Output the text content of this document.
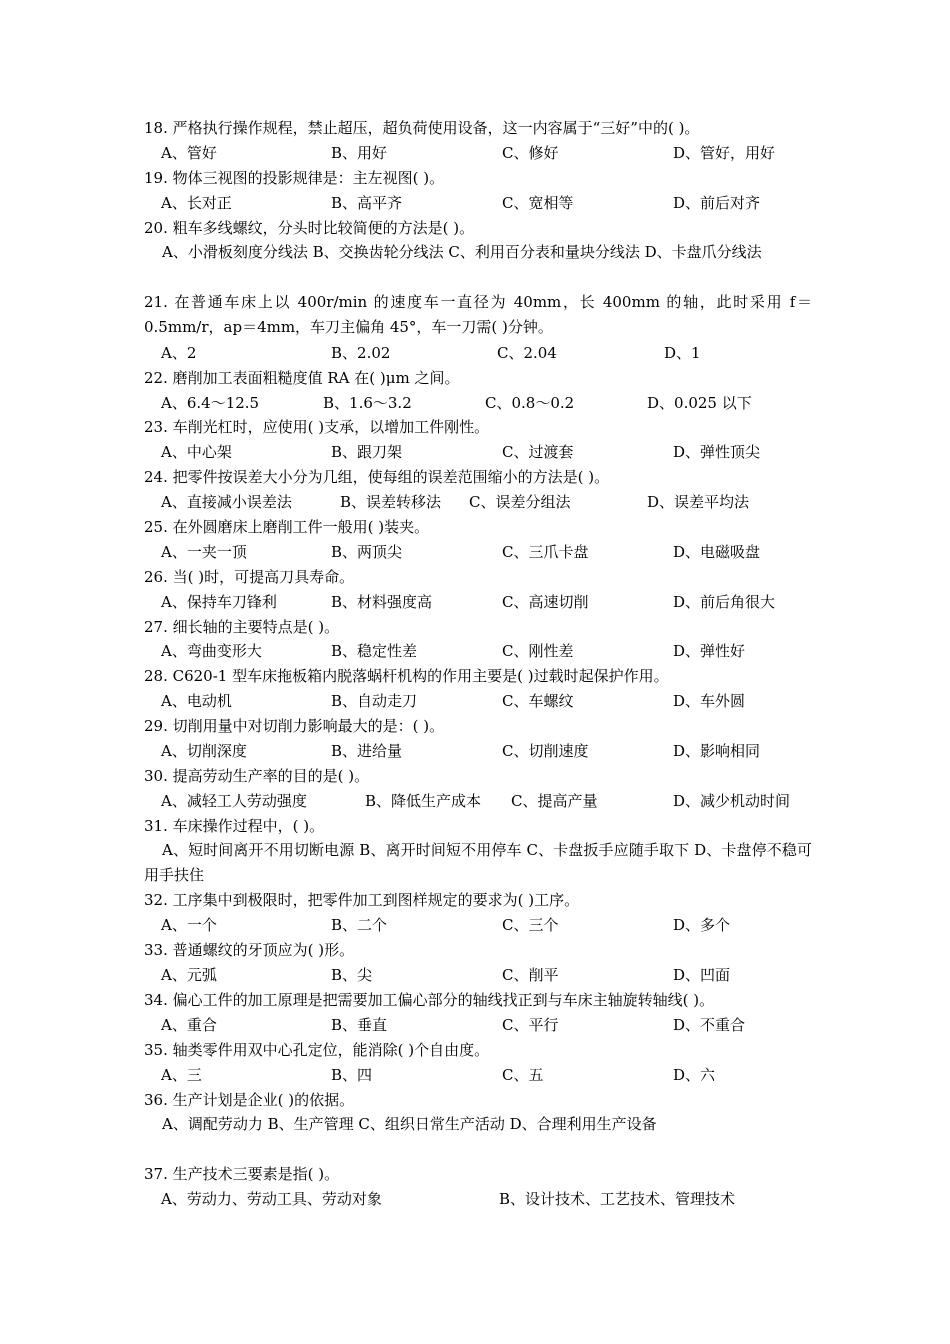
18. 严格执行操作规程，禁止超压，超负荷使用设备，这一内容属于“三好”中的( )。
A、管好	B、用好	C、修好	D、管好，用好
19. 物体三视图的投影规律是：主左视图( )。
A、长对正	B、高平齐	C、宽相等	D、前后对齐
20. 粗车多线螺纹，分头时比较简便的方法是( )。
A、小滑板刻度分线法 B、交换齿轮分线法 C、利用百分表和量块分线法 D、卡盘爪分线法
21. 在普通车床上以 400r/min 的速度车一直径为 40mm，长 400mm 的轴，此时采用 f＝0.5mm/r，ap＝4mm，车刀主偏角 45°，车一刀需( )分钟。
A、2	B、2.02	C、2.04	D、1
22. 磨削加工表面粗糙度值 RA 在( )μm 之间。
A、6.4～12.5	B、1.6～3.2	C、0.8～0.2	D、0.025 以下
23. 车削光杠时，应使用( )支承，以增加工件刚性。
A、中心架	B、跟刀架	C、过渡套	D、弹性顶尖
24. 把零件按误差大小分为几组，使每组的误差范围缩小的方法是( )。
A、直接减小误差法	B、误差转移法 C、误差分组法	D、误差平均法
25. 在外圆磨床上磨削工件一般用( )装夹。
A、一夹一顶	B、两顶尖	C、三爪卡盘	D、电磁吸盘
26. 当( )时，可提高刀具寿命。
A、保持车刀锋利	B、材料强度高	C、高速切削	D、前后角很大
27. 细长轴的主要特点是( )。
A、弯曲变形大	B、稳定性差	C、刚性差	D、弹性好
28. C620-1 型车床拖板箱内脱落蜗杆机构的作用主要是( )过载时起保护作用。
A、电动机	B、自动走刀	C、车螺纹	D、车外圆
29. 切削用量中对切削力影响最大的是：( )。
A、切削深度	B、进给量	C、切削速度	D、影响相同
30. 提高劳动生产率的目的是( )。
A、减轻工人劳动强度	B、降低生产成本 C、提高产量	D、减少机动时间
31. 车床操作过程中，( )。
A、短时间离开不用切断电源 B、离开时间短不用停车 C、卡盘扳手应随手取下 D、卡盘停不稳可用手扶住
32. 工序集中到极限时，把零件加工到图样规定的要求为( )工序。
A、一个	B、二个	C、三个	D、多个
33. 普通螺纹的牙顶应为( )形。
A、元弧	B、尖	C、削平	D、凹面
34. 偏心工件的加工原理是把需要加工偏心部分的轴线找正到与车床主轴旋转轴线( )。
A、重合	B、垂直	C、平行	D、不重合
35. 轴类零件用双中心孔定位，能消除( )个自由度。
A、三	B、四	C、五	D、六
36. 生产计划是企业( )的依据。
A、调配劳动力 B、生产管理 C、组织日常生产活动 D、合理利用生产设备
37. 生产技术三要素是指( )。
A、劳动力、劳动工具、劳动对象	B、设计技术、工艺技术、管理技术
